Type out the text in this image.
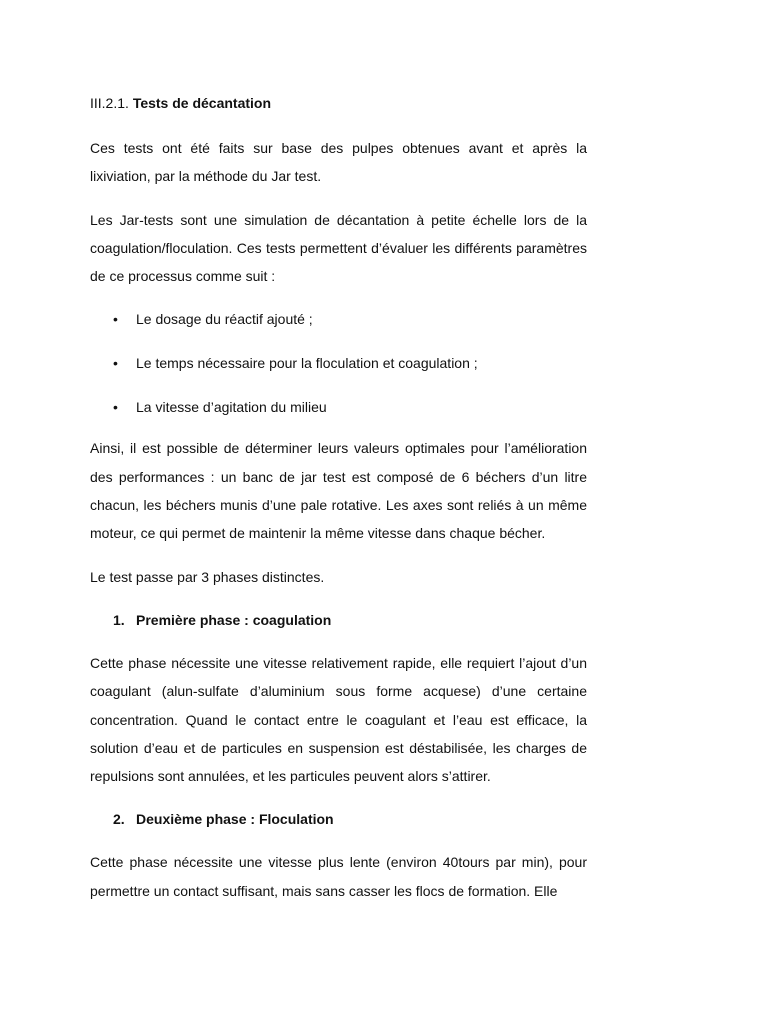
III.2.1. Tests de décantation

Ces tests ont été faits sur base des pulpes obtenues avant et après la lixiviation, par la méthode du Jar test.

Les Jar-tests sont une simulation de décantation à petite échelle lors de la coagulation/floculation. Ces tests permettent d’évaluer les différents paramètres de ce processus comme suit :

• Le dosage du réactif ajouté ;
• Le temps nécessaire pour la floculation et coagulation ;
• La vitesse d’agitation du milieu

Ainsi, il est possible de déterminer leurs valeurs optimales pour l’amélioration des performances : un banc de jar test est composé de 6 béchers d’un litre chacun, les béchers munis d’une pale rotative. Les axes sont reliés à un même moteur, ce qui permet de maintenir la même vitesse dans chaque bécher.

Le test passe par 3 phases distinctes.

1. Première phase : coagulation

Cette phase nécessite une vitesse relativement rapide, elle requiert l’ajout d’un coagulant (alun-sulfate d’aluminium sous forme acquese) d’une certaine concentration. Quand le contact entre le coagulant et l’eau est efficace, la solution d’eau et de particules en suspension est déstabilisée, les charges de repulsions sont annulées, et les particules peuvent alors s’attirer.

2. Deuxième phase : Floculation

Cette phase nécessite une vitesse plus lente (environ 40tours par min), pour permettre un contact suffisant, mais sans casser les flocs de formation. Elle
